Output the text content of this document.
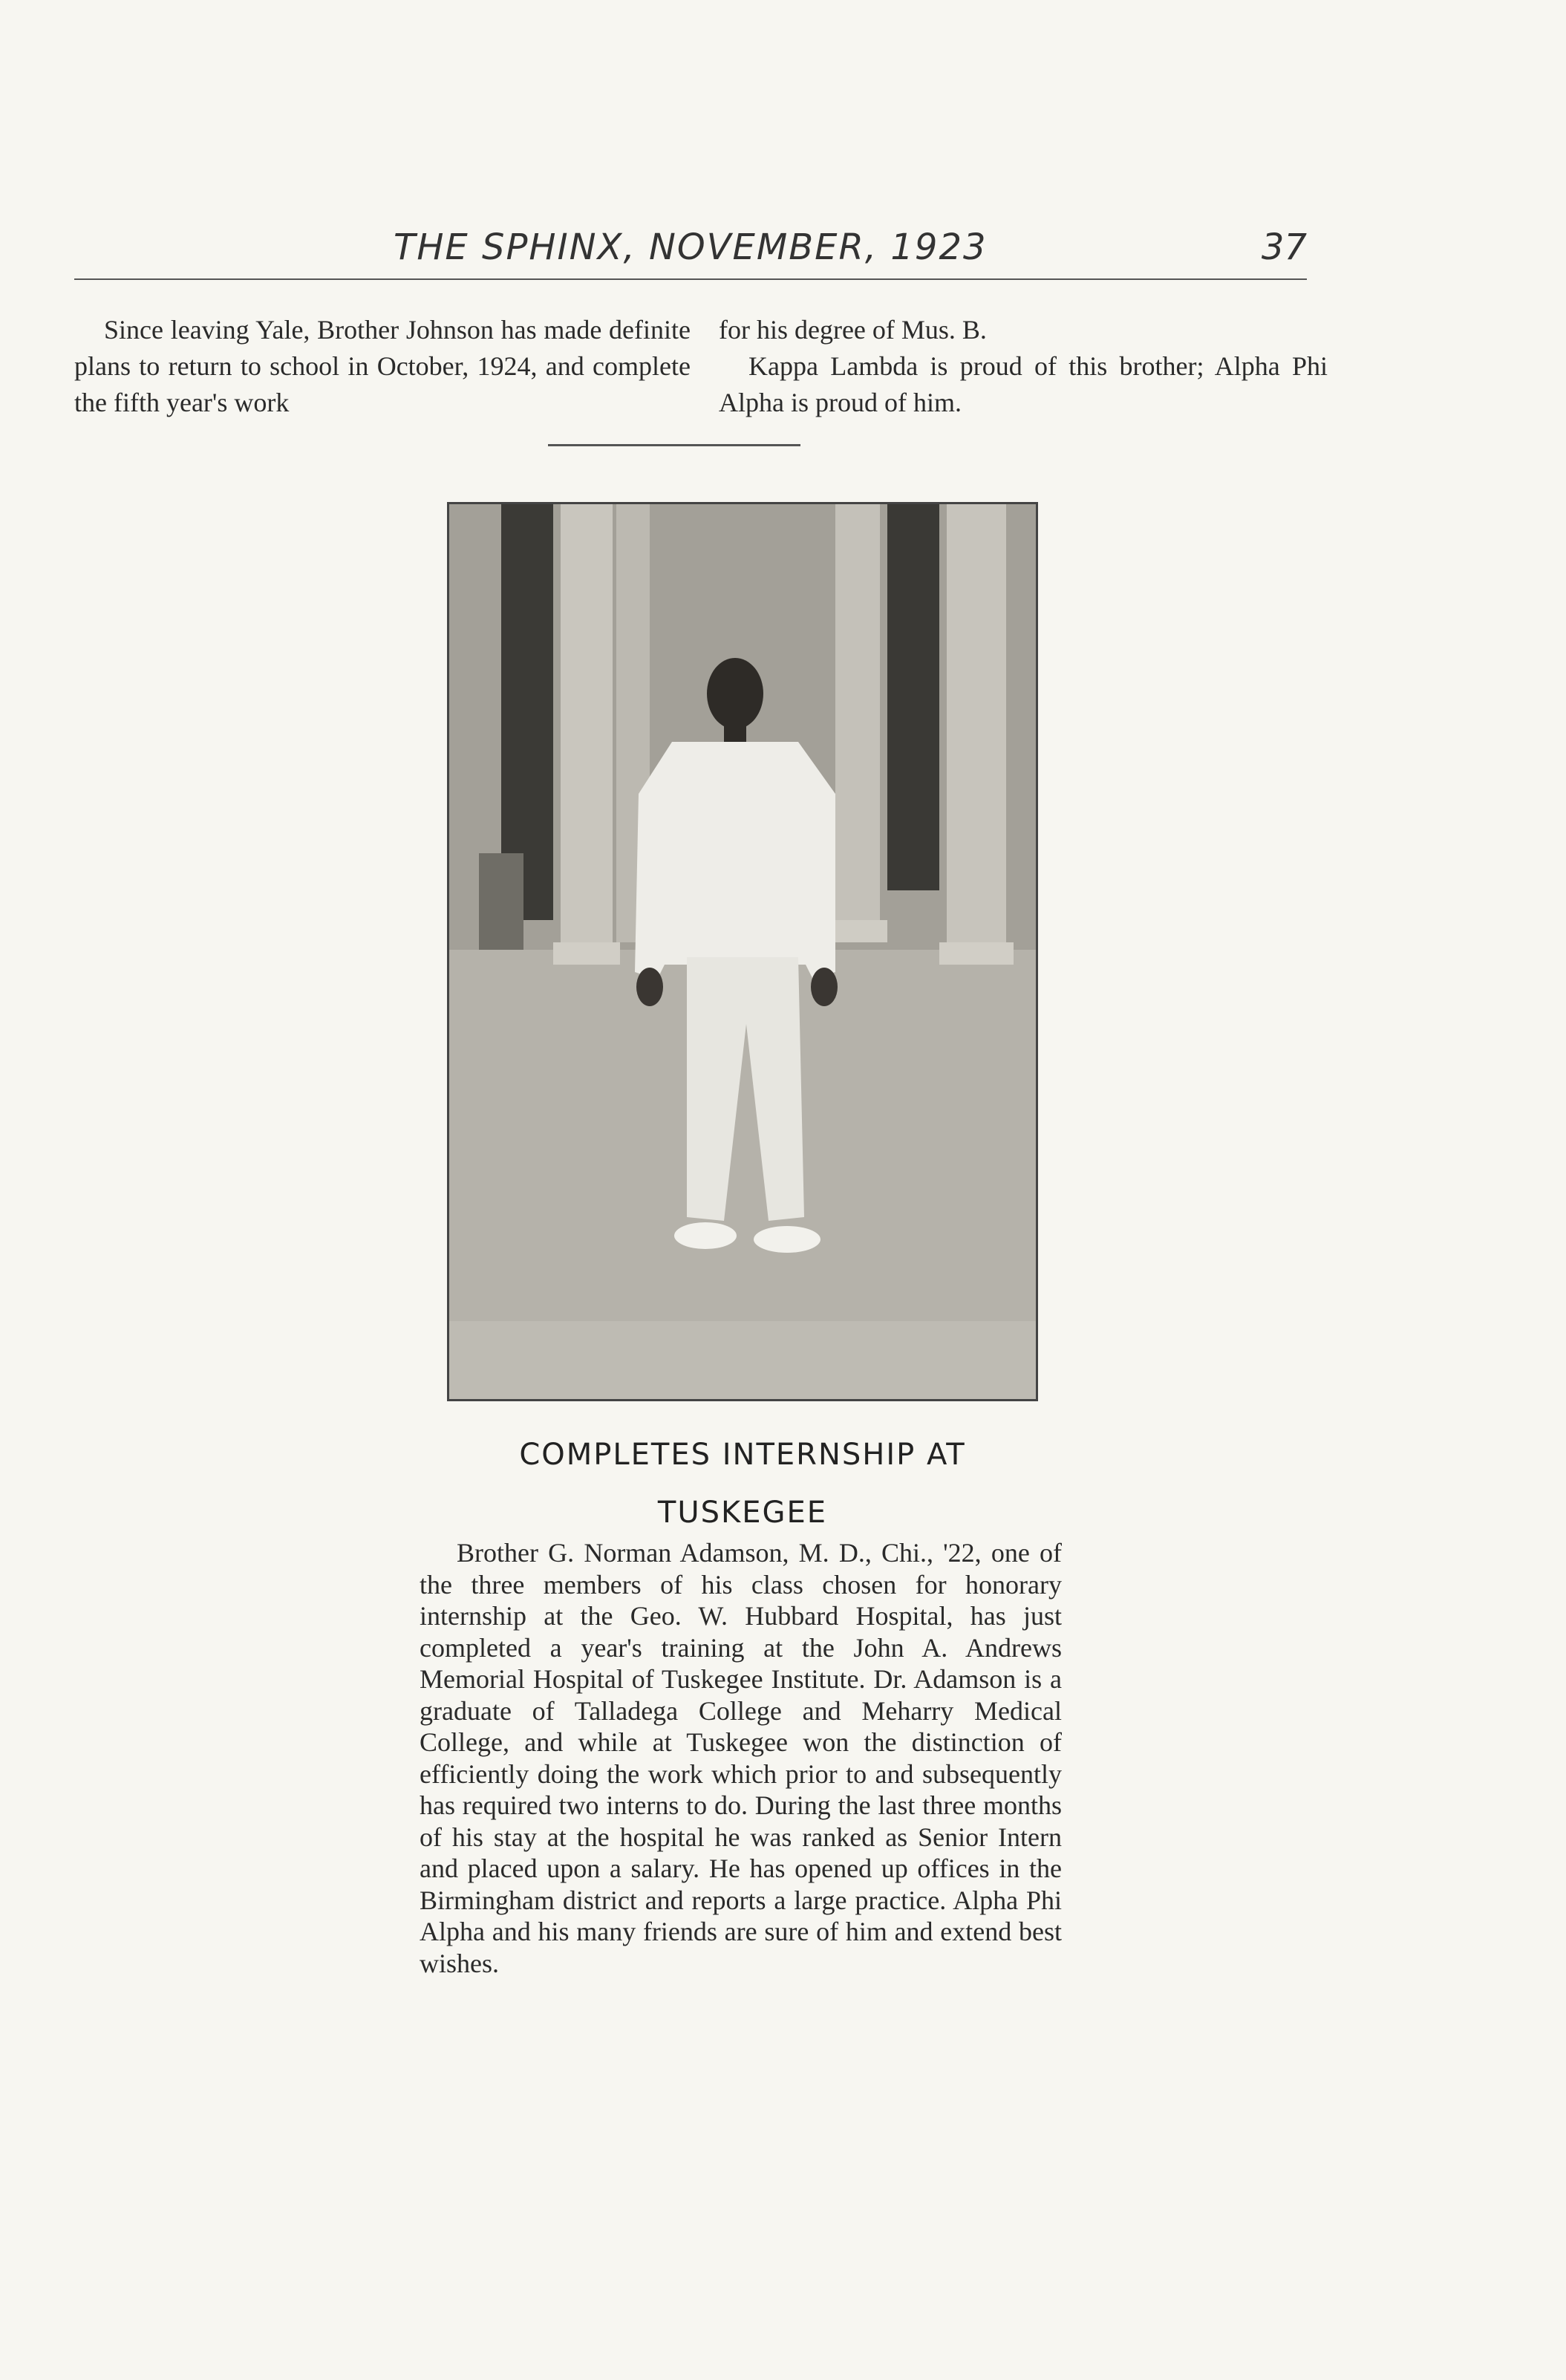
THE SPHINX, NOVEMBER, 1923	37

Since leaving Yale, Brother Johnson has made definite plans to return to school in October, 1924, and complete the fifth year's work

for his degree of Mus. B.

Kappa Lambda is proud of this brother; Alpha Phi Alpha is proud of him.

COMPLETES INTERNSHIP AT
TUSKEGEE

Brother G. Norman Adamson, M. D., Chi., '22, one of the three members of his class chosen for honorary internship at the Geo. W. Hubbard Hospital, has just completed a year's training at the John A. Andrews Memorial Hospital of Tuskegee Institute. Dr. Adamson is a graduate of Talladega College and Meharry Medical College, and while at Tuskegee won the distinction of efficiently doing the work which prior to and subsequently has required two interns to do. During the last three months of his stay at the hospital he was ranked as Senior Intern and placed upon a salary. He has opened up offices in the Birmingham district and reports a large practice. Alpha Phi Alpha and his many friends are sure of him and extend best wishes.
